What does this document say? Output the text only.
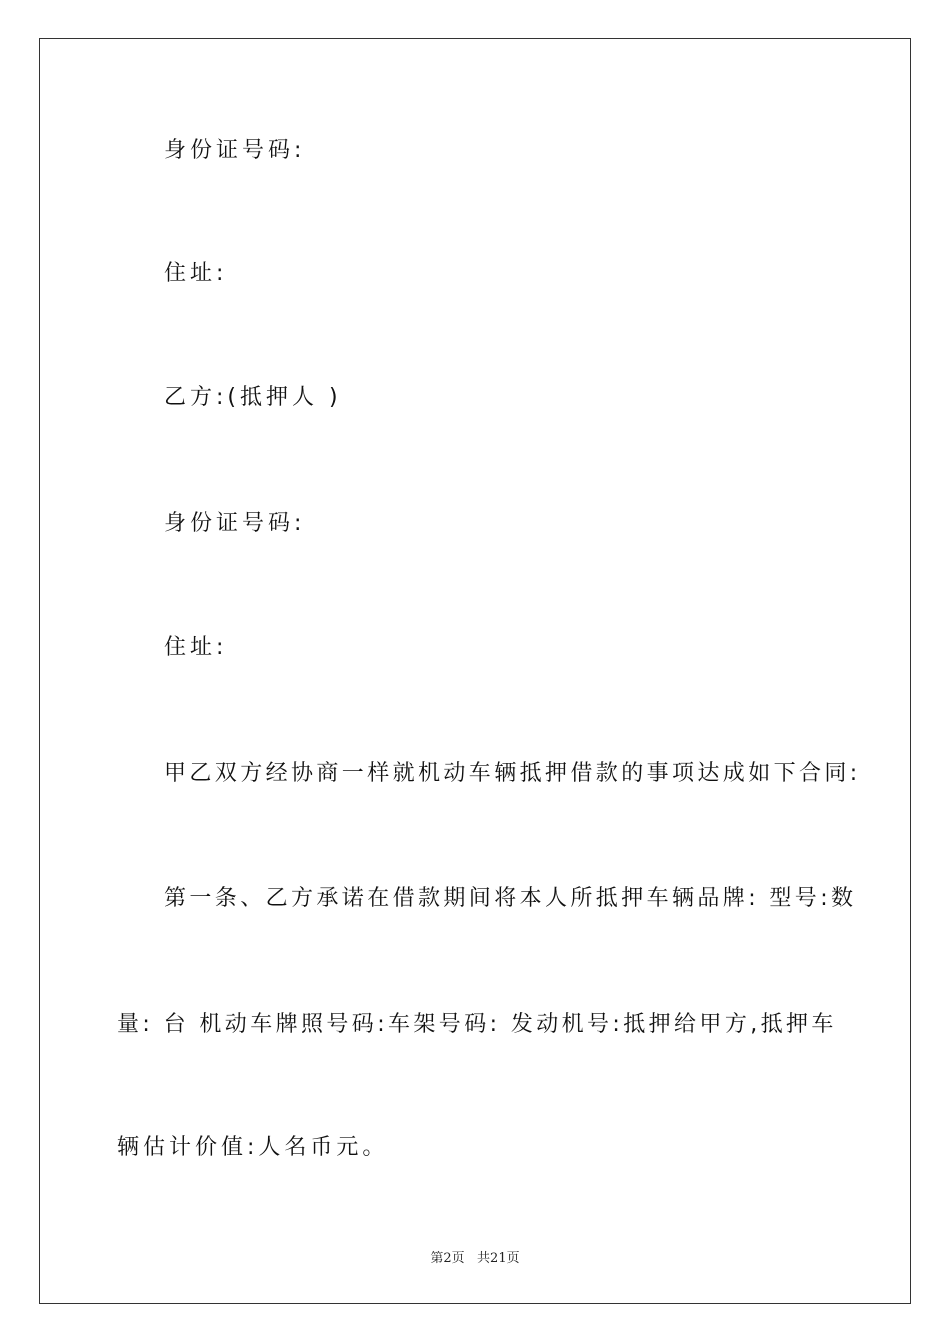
身份证号码:
住址:
乙方:(抵押人 )
身份证号码:
住址:
甲乙双方经协商一样就机动车辆抵押借款的事项达成如下合同:
第一条、乙方承诺在借款期间将本人所抵押车辆品牌: 型号:数
量: 台 机动车牌照号码:车架号码: 发动机号:抵押给甲方,抵押车
辆估计价值:人名币元。
第2页   共21页
